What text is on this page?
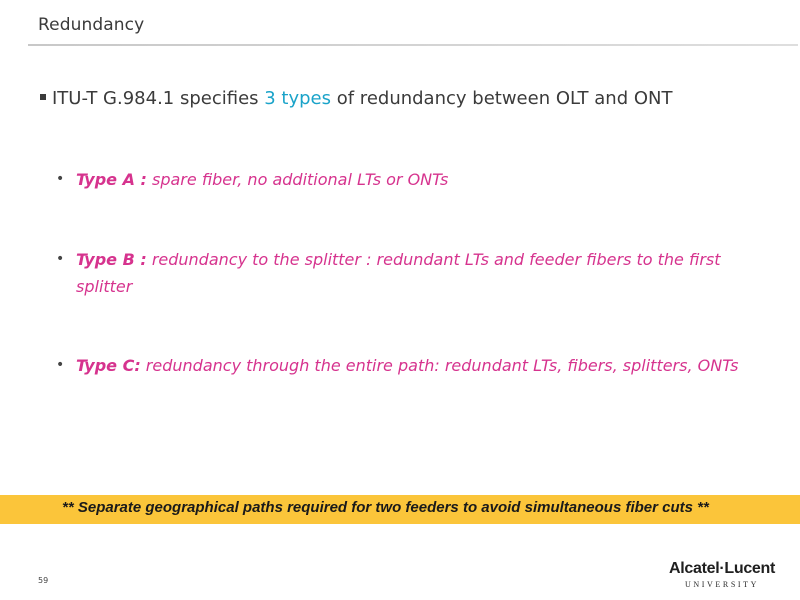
Redundancy
ITU-T G.984.1 specifies 3 types of redundancy between OLT and ONT
• Type A : spare fiber, no additional LTs or ONTs
• Type B : redundancy to the splitter : redundant LTs and feeder fibers to the first splitter
• Type C: redundancy through the entire path: redundant LTs, fibers, splitters, ONTs
** Separate geographical paths required for two feeders to avoid simultaneous fiber cuts **
59
Alcatel·Lucent
UNIVERSITY
